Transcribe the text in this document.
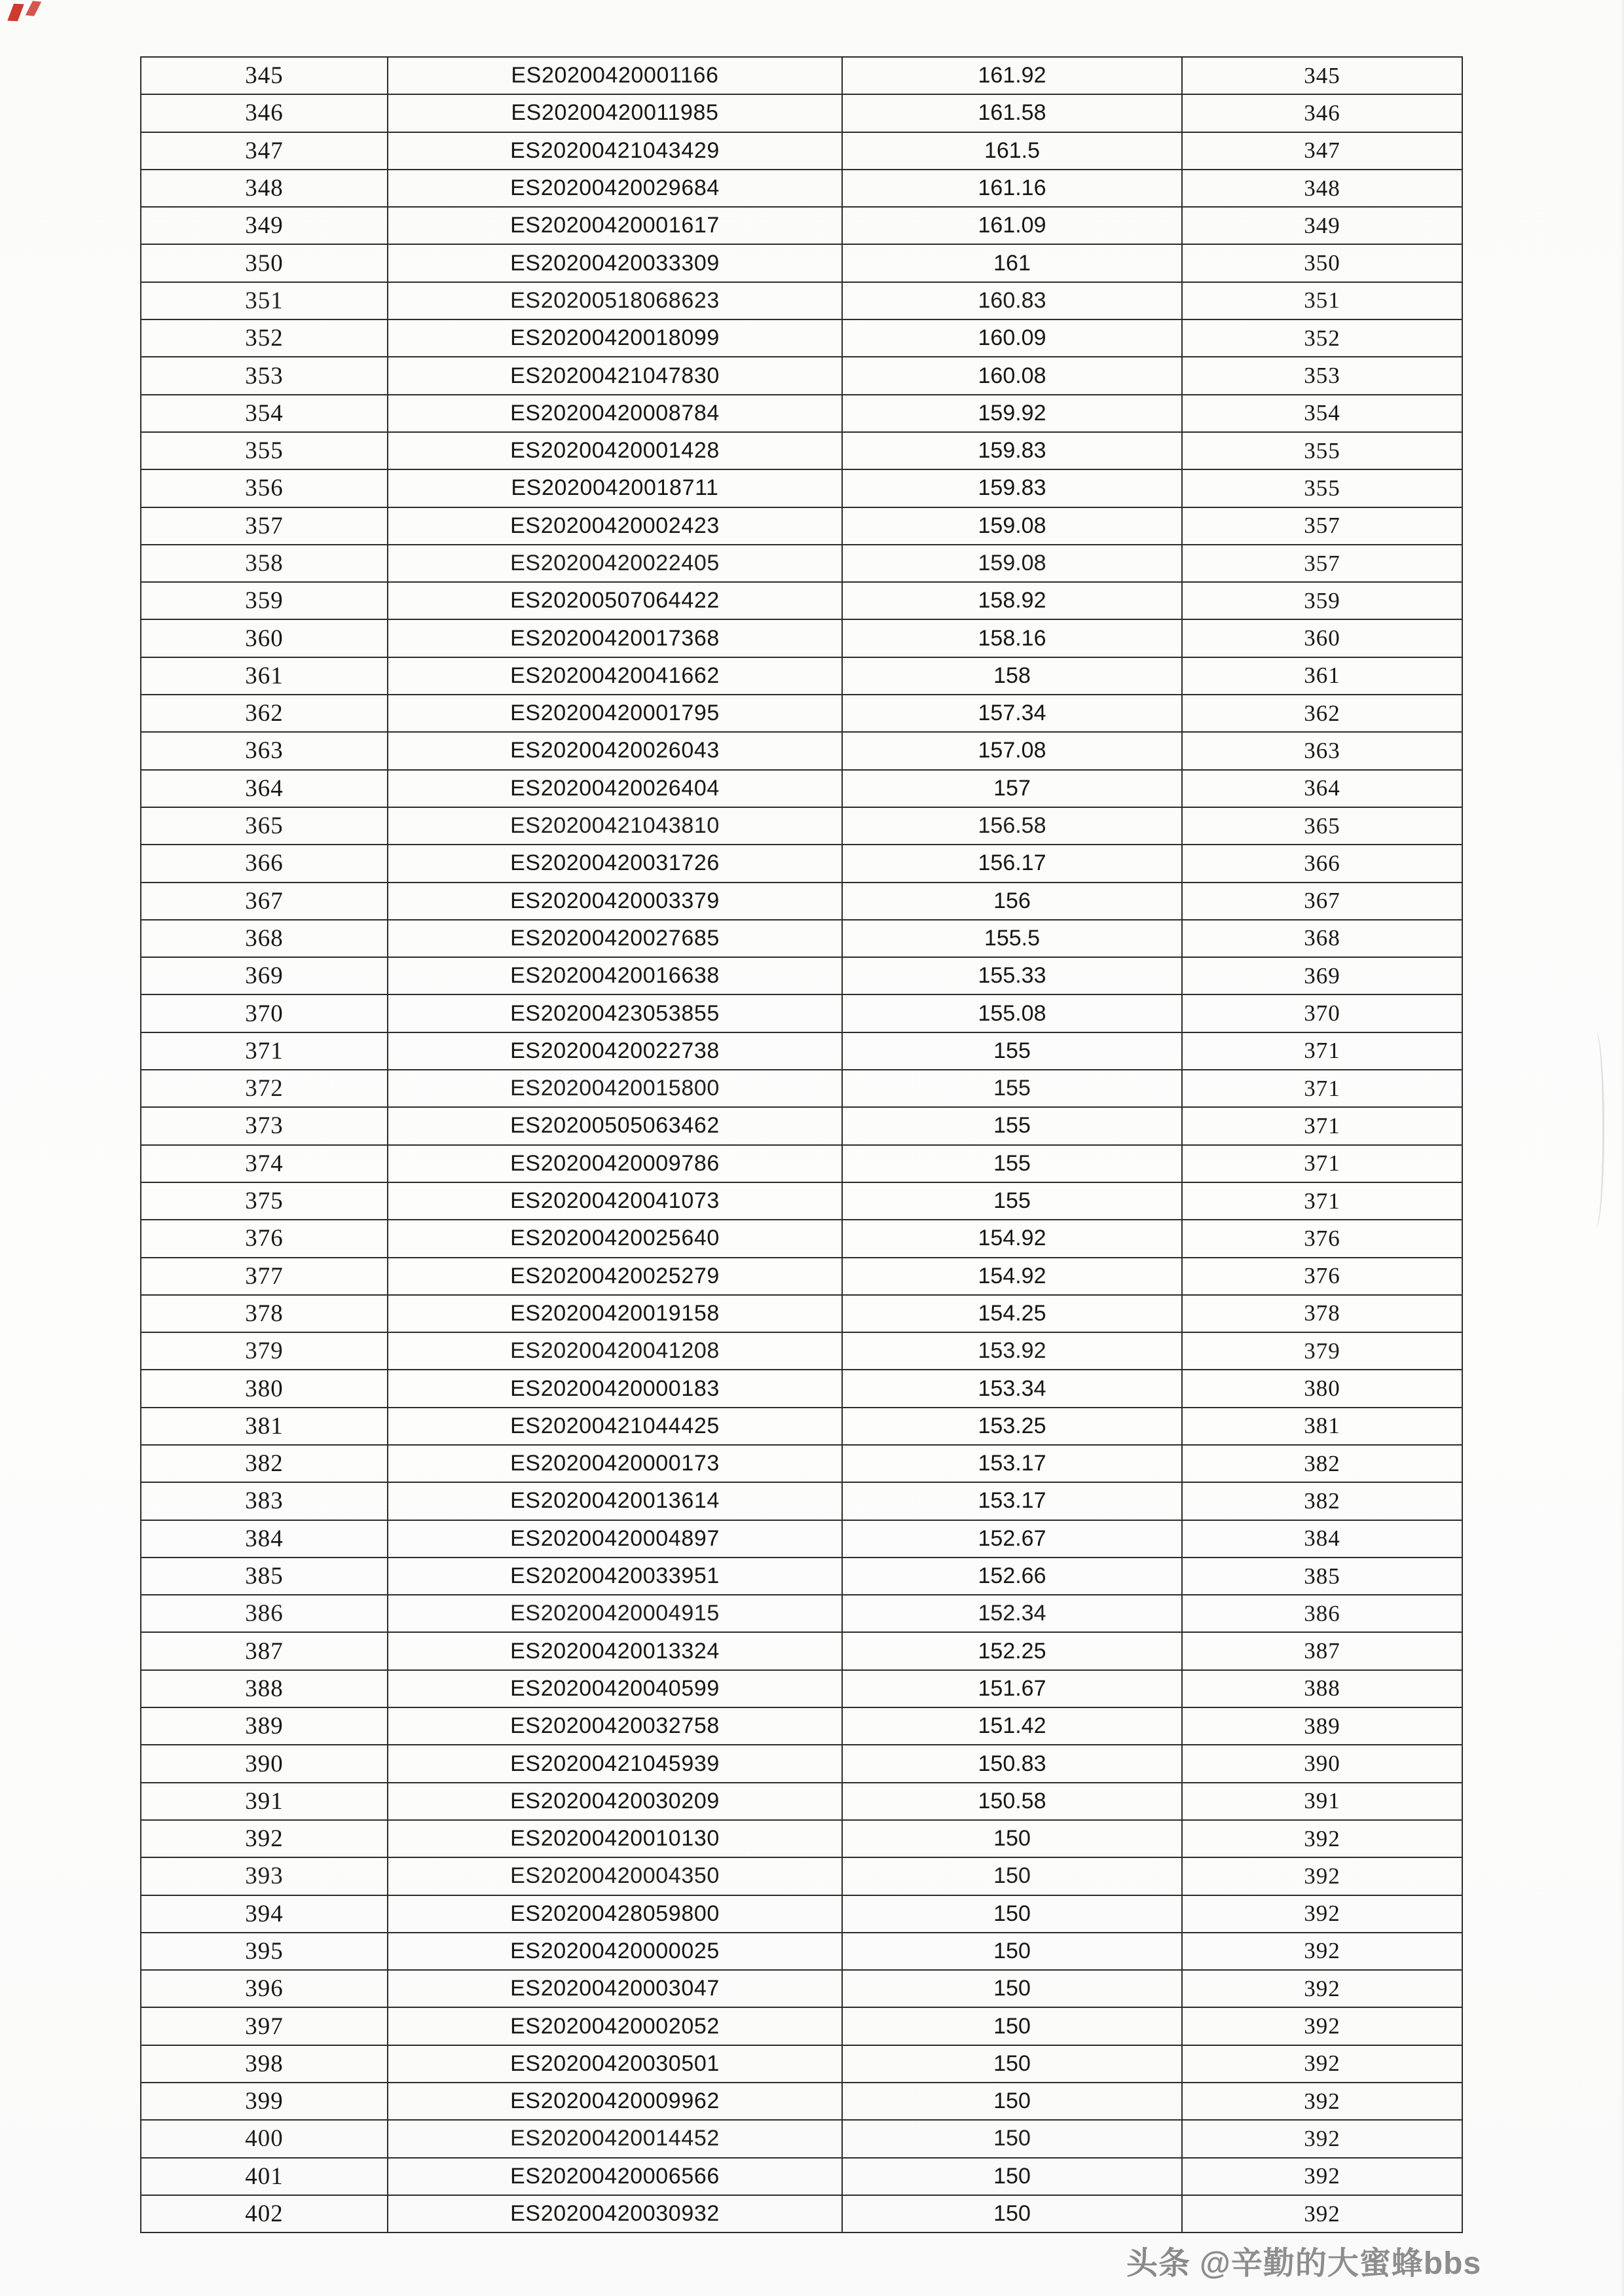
345	ES20200420001166	161.92	345
346	ES20200420011985	161.58	346
347	ES20200421043429	161.5	347
348	ES20200420029684	161.16	348
349	ES20200420001617	161.09	349
350	ES20200420033309	161	350
351	ES20200518068623	160.83	351
352	ES20200420018099	160.09	352
353	ES20200421047830	160.08	353
354	ES20200420008784	159.92	354
355	ES20200420001428	159.83	355
356	ES20200420018711	159.83	355
357	ES20200420002423	159.08	357
358	ES20200420022405	159.08	357
359	ES20200507064422	158.92	359
360	ES20200420017368	158.16	360
361	ES20200420041662	158	361
362	ES20200420001795	157.34	362
363	ES20200420026043	157.08	363
364	ES20200420026404	157	364
365	ES20200421043810	156.58	365
366	ES20200420031726	156.17	366
367	ES20200420003379	156	367
368	ES20200420027685	155.5	368
369	ES20200420016638	155.33	369
370	ES20200423053855	155.08	370
371	ES20200420022738	155	371
372	ES20200420015800	155	371
373	ES20200505063462	155	371
374	ES20200420009786	155	371
375	ES20200420041073	155	371
376	ES20200420025640	154.92	376
377	ES20200420025279	154.92	376
378	ES20200420019158	154.25	378
379	ES20200420041208	153.92	379
380	ES20200420000183	153.34	380
381	ES20200421044425	153.25	381
382	ES20200420000173	153.17	382
383	ES20200420013614	153.17	382
384	ES20200420004897	152.67	384
385	ES20200420033951	152.66	385
386	ES20200420004915	152.34	386
387	ES20200420013324	152.25	387
388	ES20200420040599	151.67	388
389	ES20200420032758	151.42	389
390	ES20200421045939	150.83	390
391	ES20200420030209	150.58	391
392	ES20200420010130	150	392
393	ES20200420004350	150	392
394	ES20200428059800	150	392
395	ES20200420000025	150	392
396	ES20200420003047	150	392
397	ES20200420002052	150	392
398	ES20200420030501	150	392
399	ES20200420009962	150	392
400	ES20200420014452	150	392
401	ES20200420006566	150	392
402	ES20200420030932	150	392
头条 @辛勤的大蜜蜂bbs
